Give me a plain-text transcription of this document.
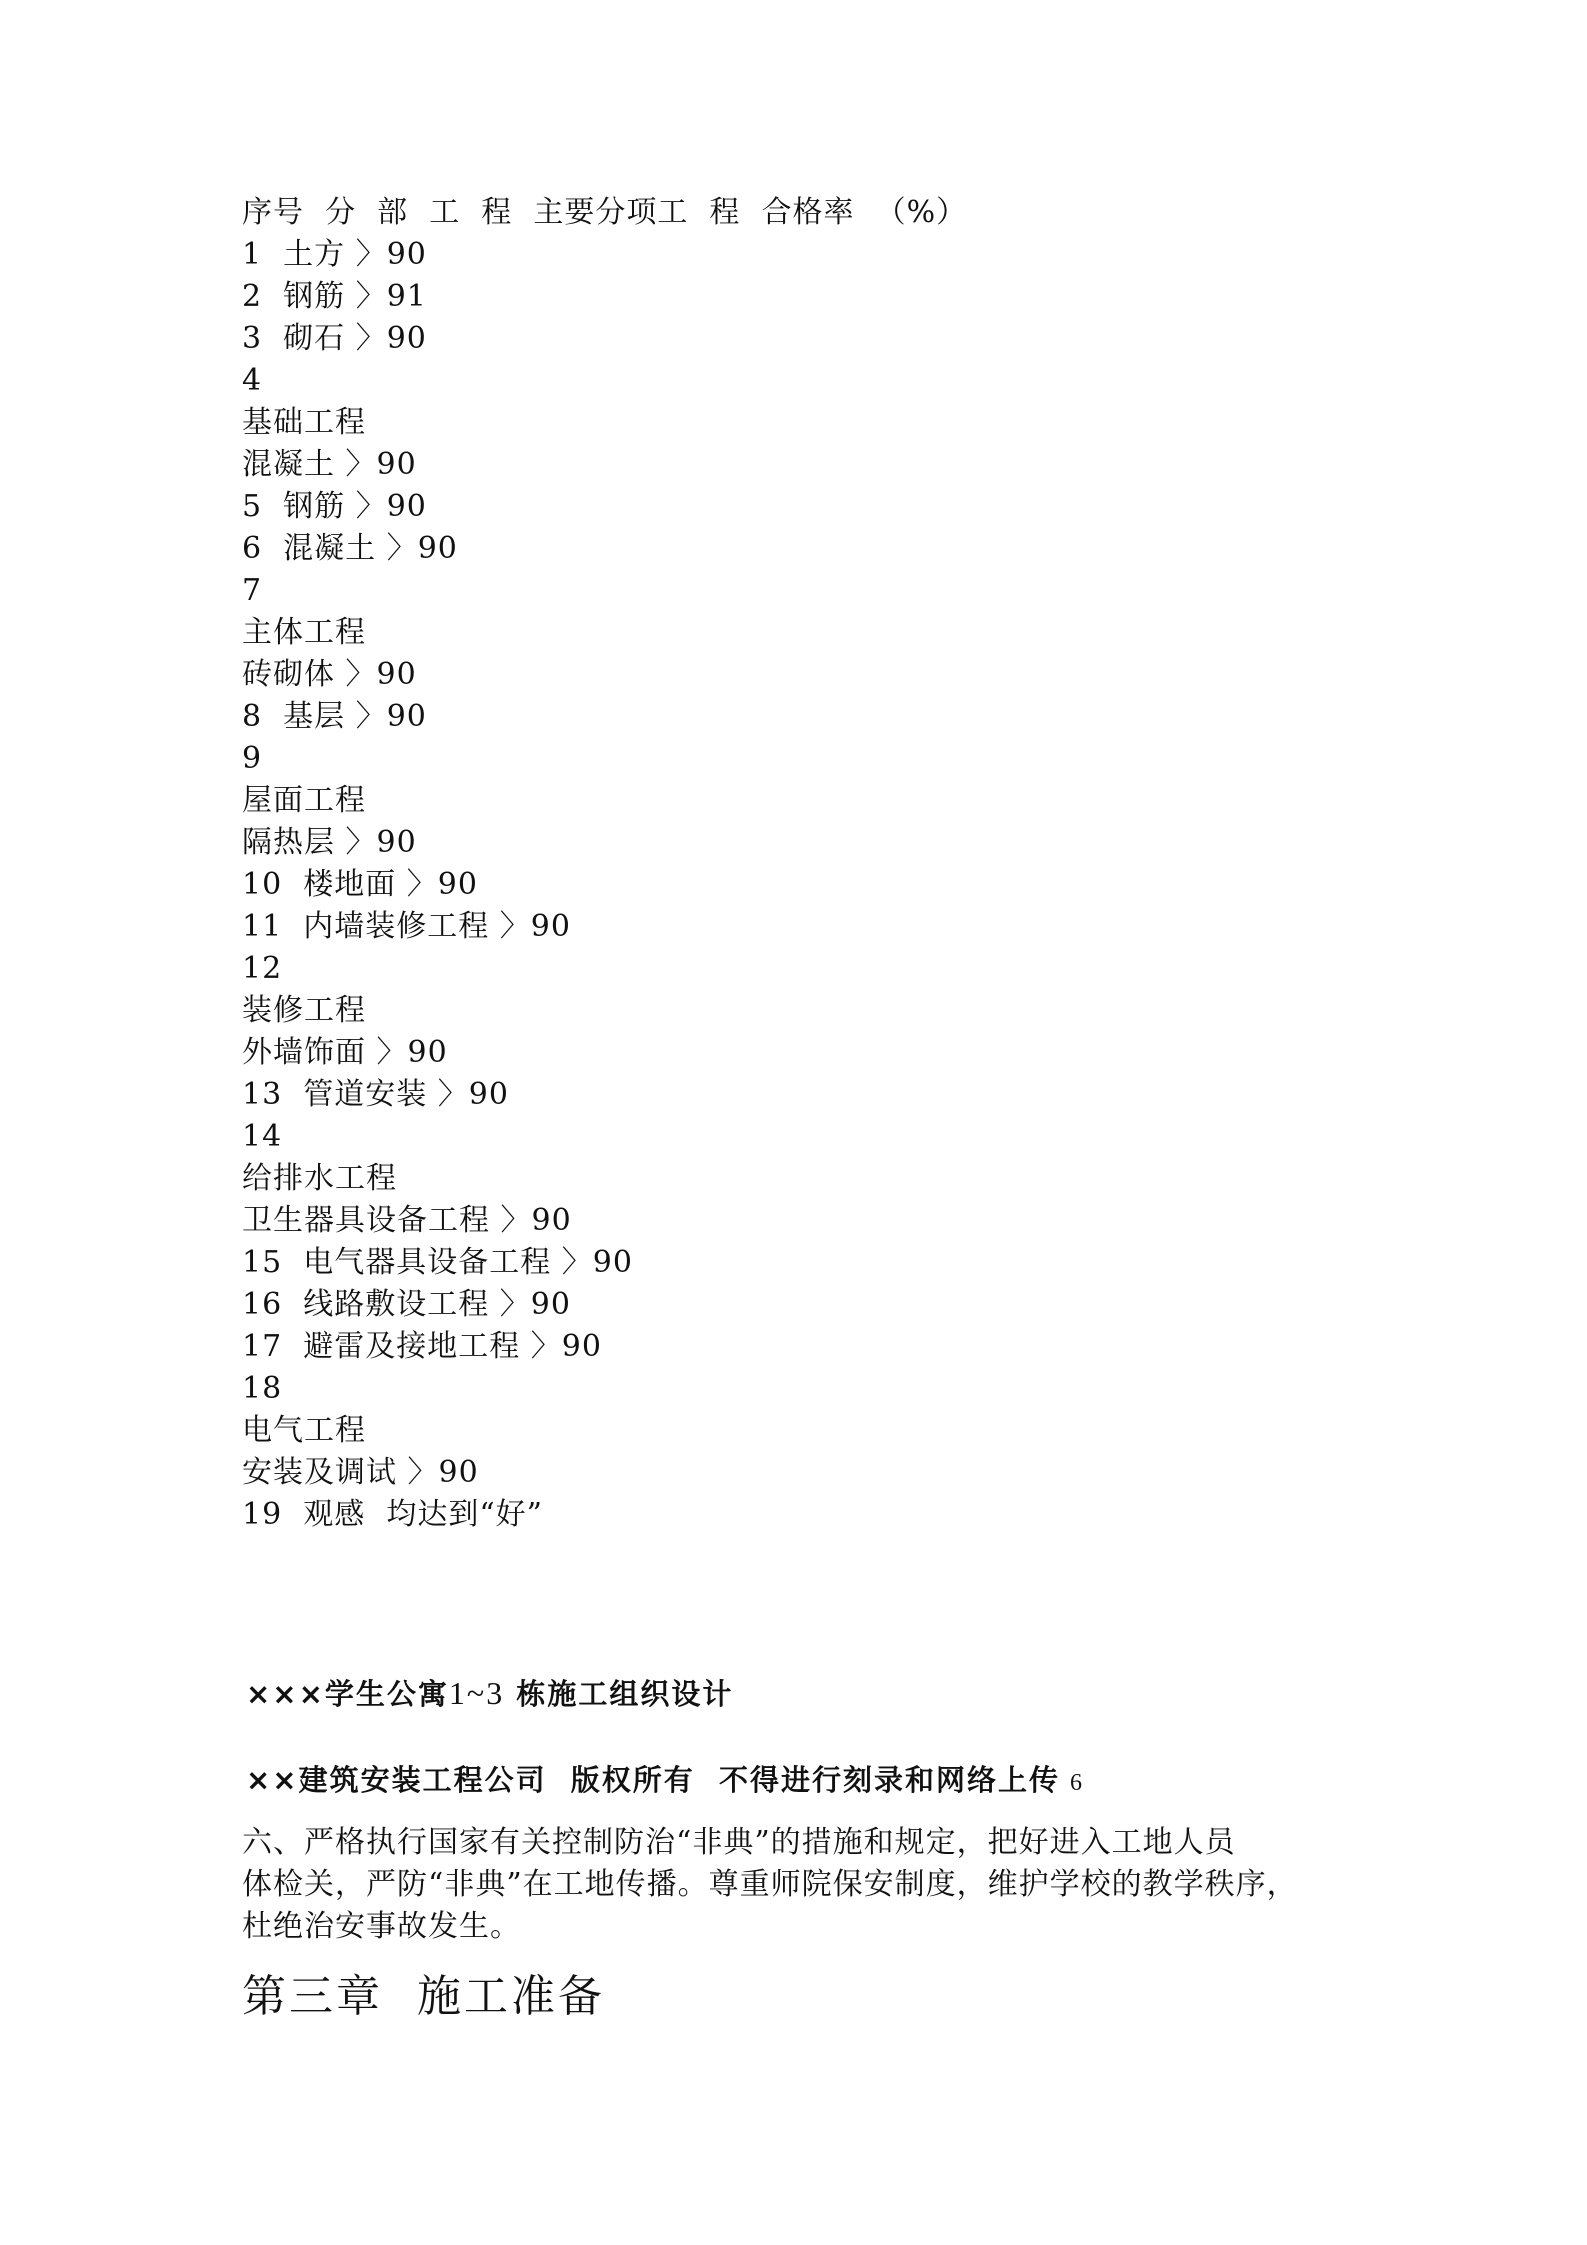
序号  分  部  工  程  主要分项工  程  合格率  （%）
1  土方 〉90
2  钢筋 〉91
3  砌石 〉90
4
基础工程
混凝土 〉90
5  钢筋 〉90
6  混凝土 〉90
7
主体工程
砖砌体 〉90
8  基层 〉90
9
屋面工程
隔热层 〉90
10  楼地面 〉90
11  内墙装修工程 〉90
12
装修工程
外墙饰面 〉90
13  管道安装 〉90
14
给排水工程
卫生器具设备工程 〉90
15  电气器具设备工程 〉90
16  线路敷设工程 〉90
17  避雷及接地工程 〉90
18
电气工程
安装及调试 〉90
19  观感  均达到“好”
×××学生公寓1~3 栋施工组织设计
××建筑安装工程公司  版权所有  不得进行刻录和网络上传 6
六、严格执行国家有关控制防治“非典”的措施和规定，把好进入工地人员
体检关，严防“非典”在工地传播。尊重师院保安制度，维护学校的教学秩序，
杜绝治安事故发生。
第三章  施工准备
